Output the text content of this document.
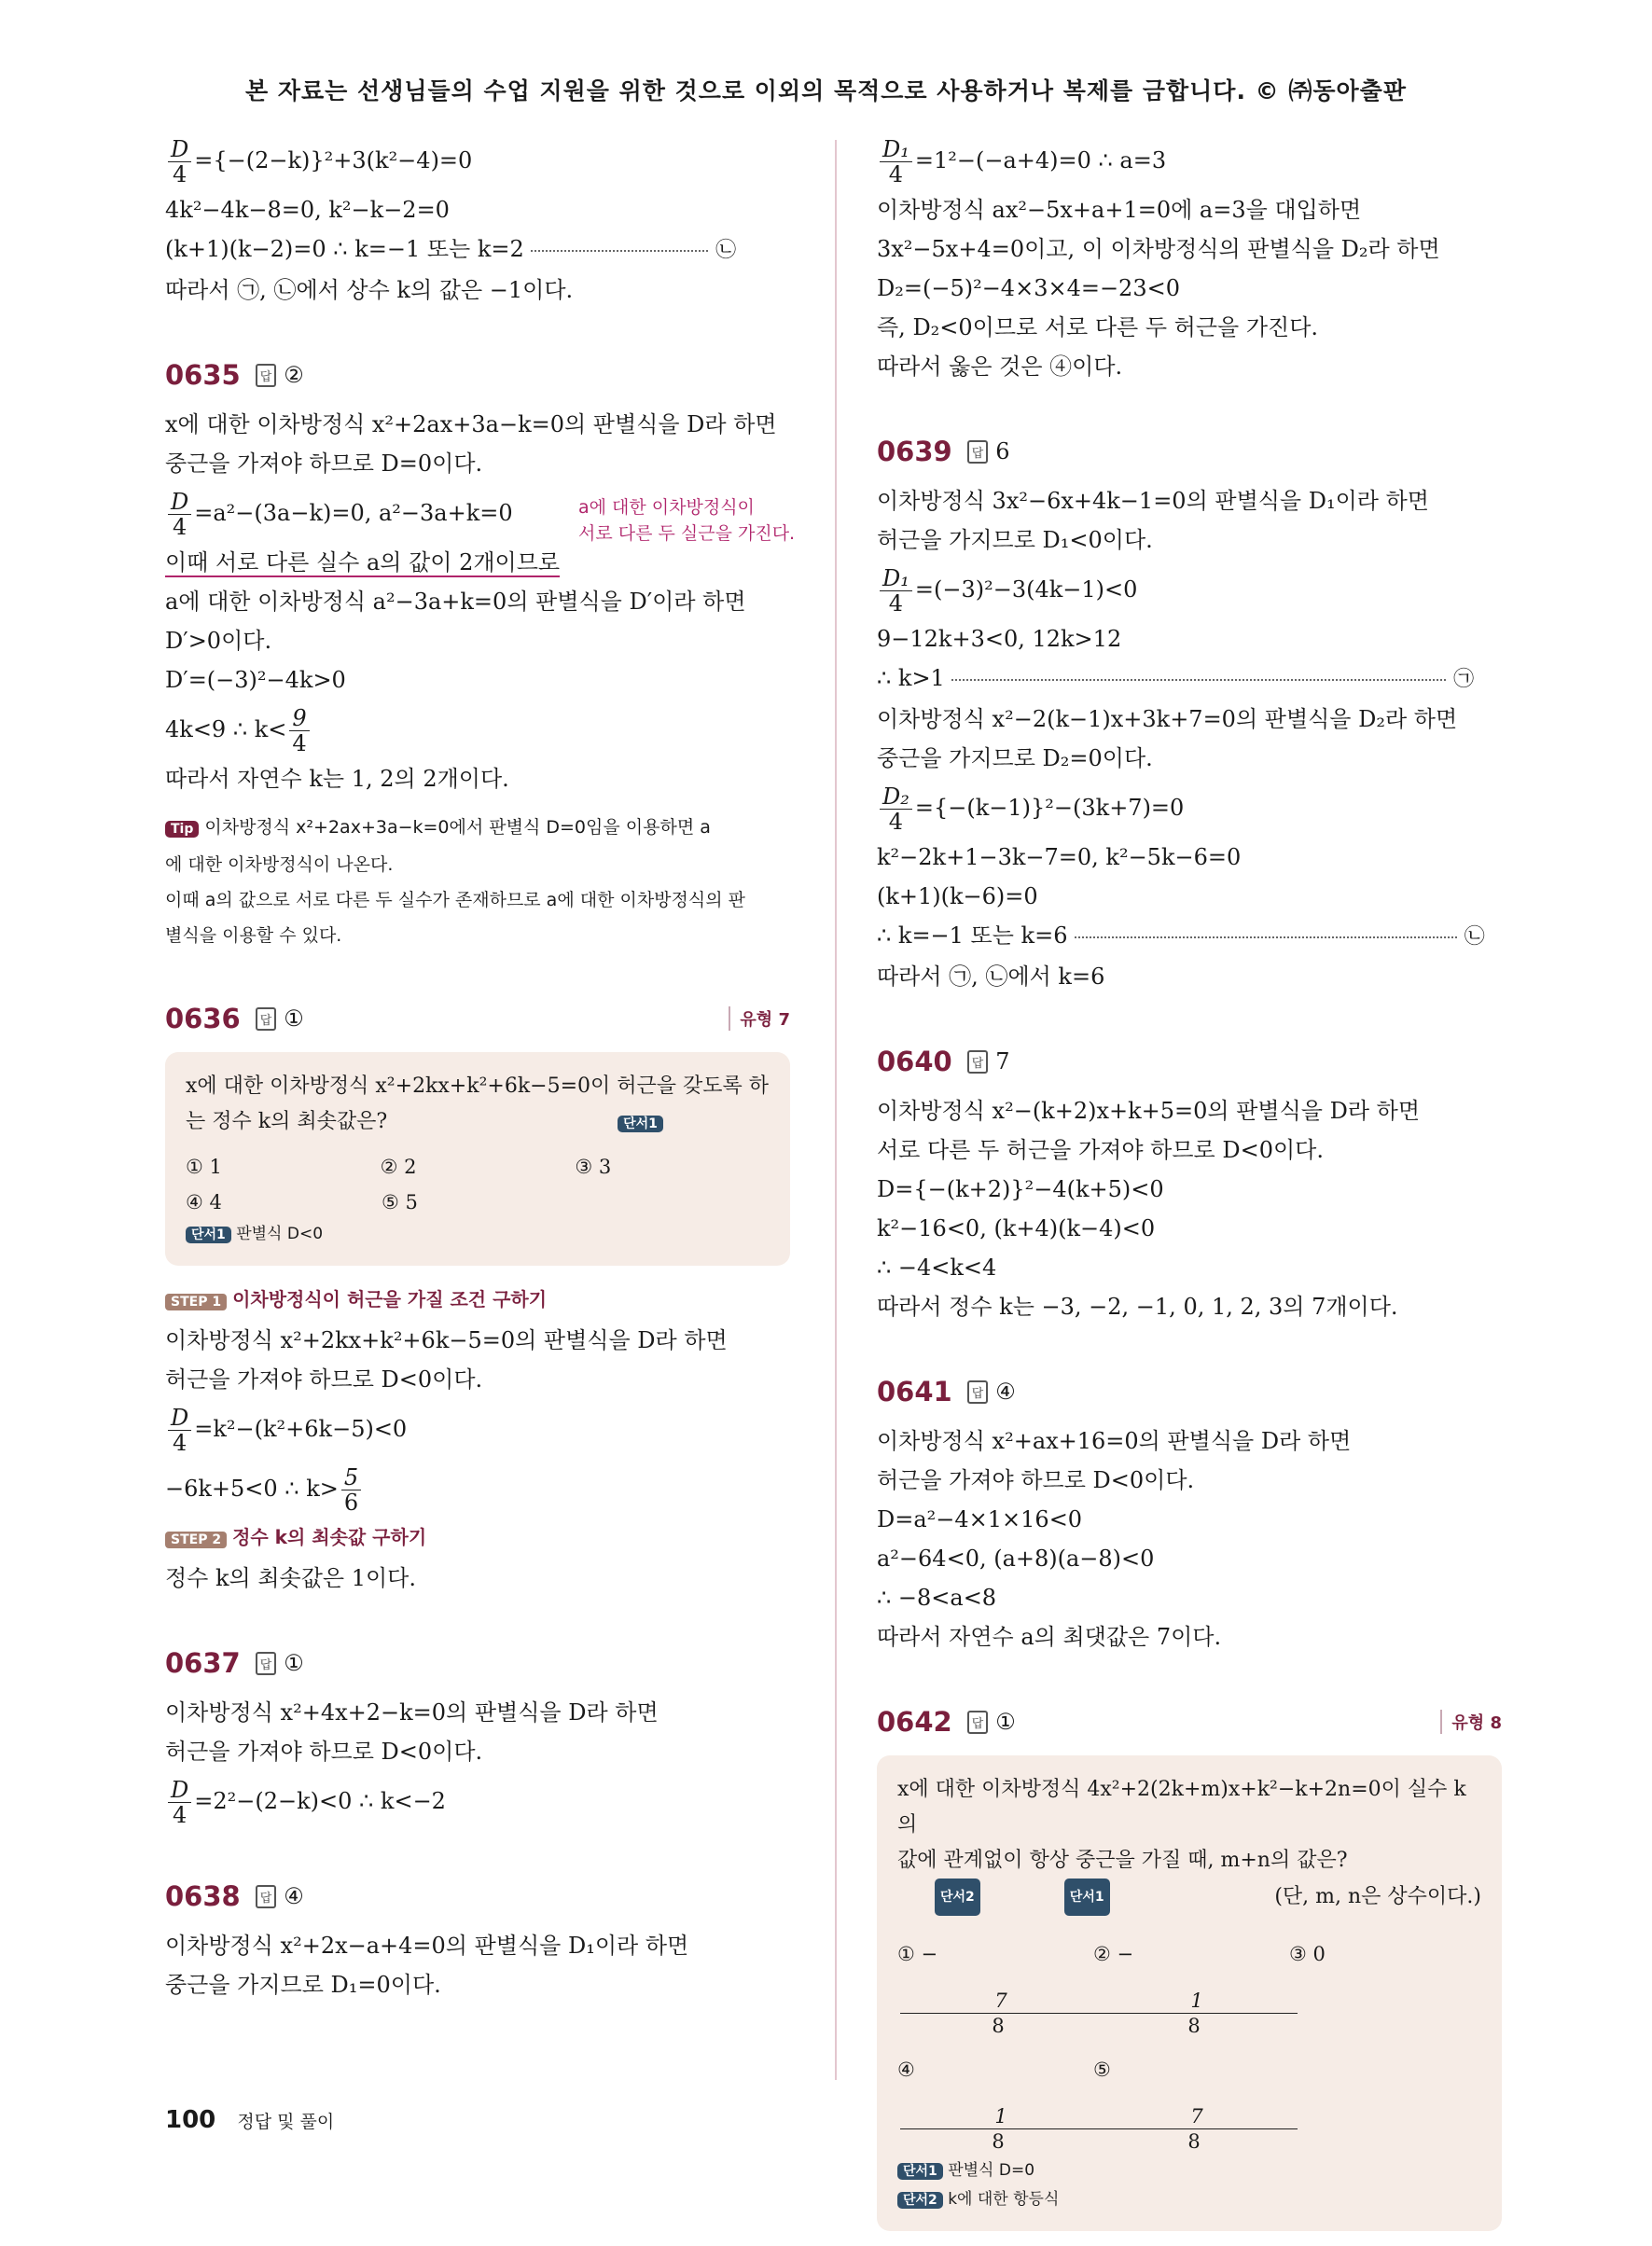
본 자료는 선생님들의 수업 지원을 위한 것으로 이외의 목적으로 사용하거나 복제를 금합니다. © ㈜동아출판
$\frac{D}{4} =\{-(2-k)\}^2+3(k^2-4)=0$
4k²−4k−8=0, k²−k−2=0
(k+1)(k−2)=0 ∴ k=−1 또는 k=2	㉡
따라서 ㉠, ㉡에서 상수 k의 값은 −1이다.
0635	답 ②
x에 대한 이차방정식 x²+2ax+3a−k=0의 판별식을 D라 하면
중근을 가져야 하므로 D=0이다.
$\frac{D}{4} =a^2-(3a-k)=0$, a²−3a+k=0
이때 서로 다른 실수 a의 값이 2개이므로
a에 대한 이차방정식 a²−3a+k=0의 판별식을 D′이라 하면
D′>0이다.
D′=(−3)²−4k>0
4k<9 ∴ $k< \frac{9}{4}$
따라서 자연수 k는 1, 2의 2개이다.
Tip 이차방정식 x²+2ax+3a−k=0에서 판별식 D=0임을 이용하면 a
에 대한 이차방정식이 나온다.
이때 a의 값으로 서로 다른 두 실수가 존재하므로 a에 대한 이차방정식의 판
별식을 이용할 수 있다.
0636	답 ①	유형 7
x에 대한 이차방정식 x²+2kx+k²+6k−5=0이 허근을 갖도록 하
는 정수 k의 최솟값은?	단서1
① 1	② 2	③ 3
④ 4	⑤ 5
단서1 판별식 D<0
STEP 1 이차방정식이 허근을 가질 조건 구하기
이차방정식 x²+2kx+k²+6k−5=0의 판별식을 D라 하면
허근을 가져야 하므로 D<0이다.
$\frac{D}{4} =k^2-(k^2+6k-5)<0$
−6k+5<0 ∴ $k> \frac{5}{6}$
STEP 2 정수 k의 최솟값 구하기
정수 k의 최솟값은 1이다.
0637	답 ①
이차방정식 x²+4x+2−k=0의 판별식을 D라 하면
허근을 가져야 하므로 D<0이다.
$\frac{D}{4} =2^2-(2-k)<0$ ∴ k<−2
0638	답 ④
이차방정식 x²+2x−a+4=0의 판별식을 D₁이라 하면
중근을 가지므로 D₁=0이다.
a에 대한 이차방정식이
서로 다른 두 실근을 가진다.
$\frac{\text{D₁}}{4} =1^2-(-a+4)=0$ ∴ a=3
이차방정식 ax²−5x+a+1=0에 a=3을 대입하면
3x²−5x+4=0이고, 이 이차방정식의 판별식을 D₂라 하면
D₂=(−5)²−4×3×4=−23<0
즉, D₂<0이므로 서로 다른 두 허근을 가진다.
따라서 옳은 것은 ④이다.
0639	답 6
이차방정식 3x²−6x+4k−1=0의 판별식을 D₁이라 하면
허근을 가지므로 D₁<0이다.
$\frac{\text{D₁}}{4} =(-3)^2-3(4k-1)<0$
9−12k+3<0, 12k>12
∴ k>1	㉠
이차방정식 x²−2(k−1)x+3k+7=0의 판별식을 D₂라 하면
중근을 가지므로 D₂=0이다.
$\frac{\text{D₂}}{4} =\{-(k-1)\}^2-(3k+7)=0$
k²−2k+1−3k−7=0, k²−5k−6=0
(k+1)(k−6)=0
∴ k=−1 또는 k=6	㉡
따라서 ㉠, ㉡에서 k=6
0640	답 7
이차방정식 x²−(k+2)x+k+5=0의 판별식을 D라 하면
서로 다른 두 허근을 가져야 하므로 D<0이다.
D={−(k+2)}²−4(k+5)<0
k²−16<0, (k+4)(k−4)<0
∴ −4<k<4
따라서 정수 k는 −3, −2, −1, 0, 1, 2, 3의 7개이다.
0641	답 ④
이차방정식 x²+ax+16=0의 판별식을 D라 하면
허근을 가져야 하므로 D<0이다.
D=a²−4×1×16<0
a²−64<0, (a+8)(a−8)<0
∴ −8<a<8
따라서 자연수 a의 최댓값은 7이다.
0642	답 ①	유형 8
x에 대한 이차방정식 4x²+2(2k+m)x+k²−k+2n=0이 실수 k의
값에 관계없이 항상 중근을 가질 때, m+n의 값은?
단서2	단서1	(단, m, n은 상수이다.)
① −
$\frac{7}{8}$
② −
$\frac{1}{8}$
③ 0
④
$\frac{1}{8}$
⑤
$\frac{7}{8}$
단서1 판별식 D=0
단서2 k에 대한 항등식
100 정답 및 풀이
